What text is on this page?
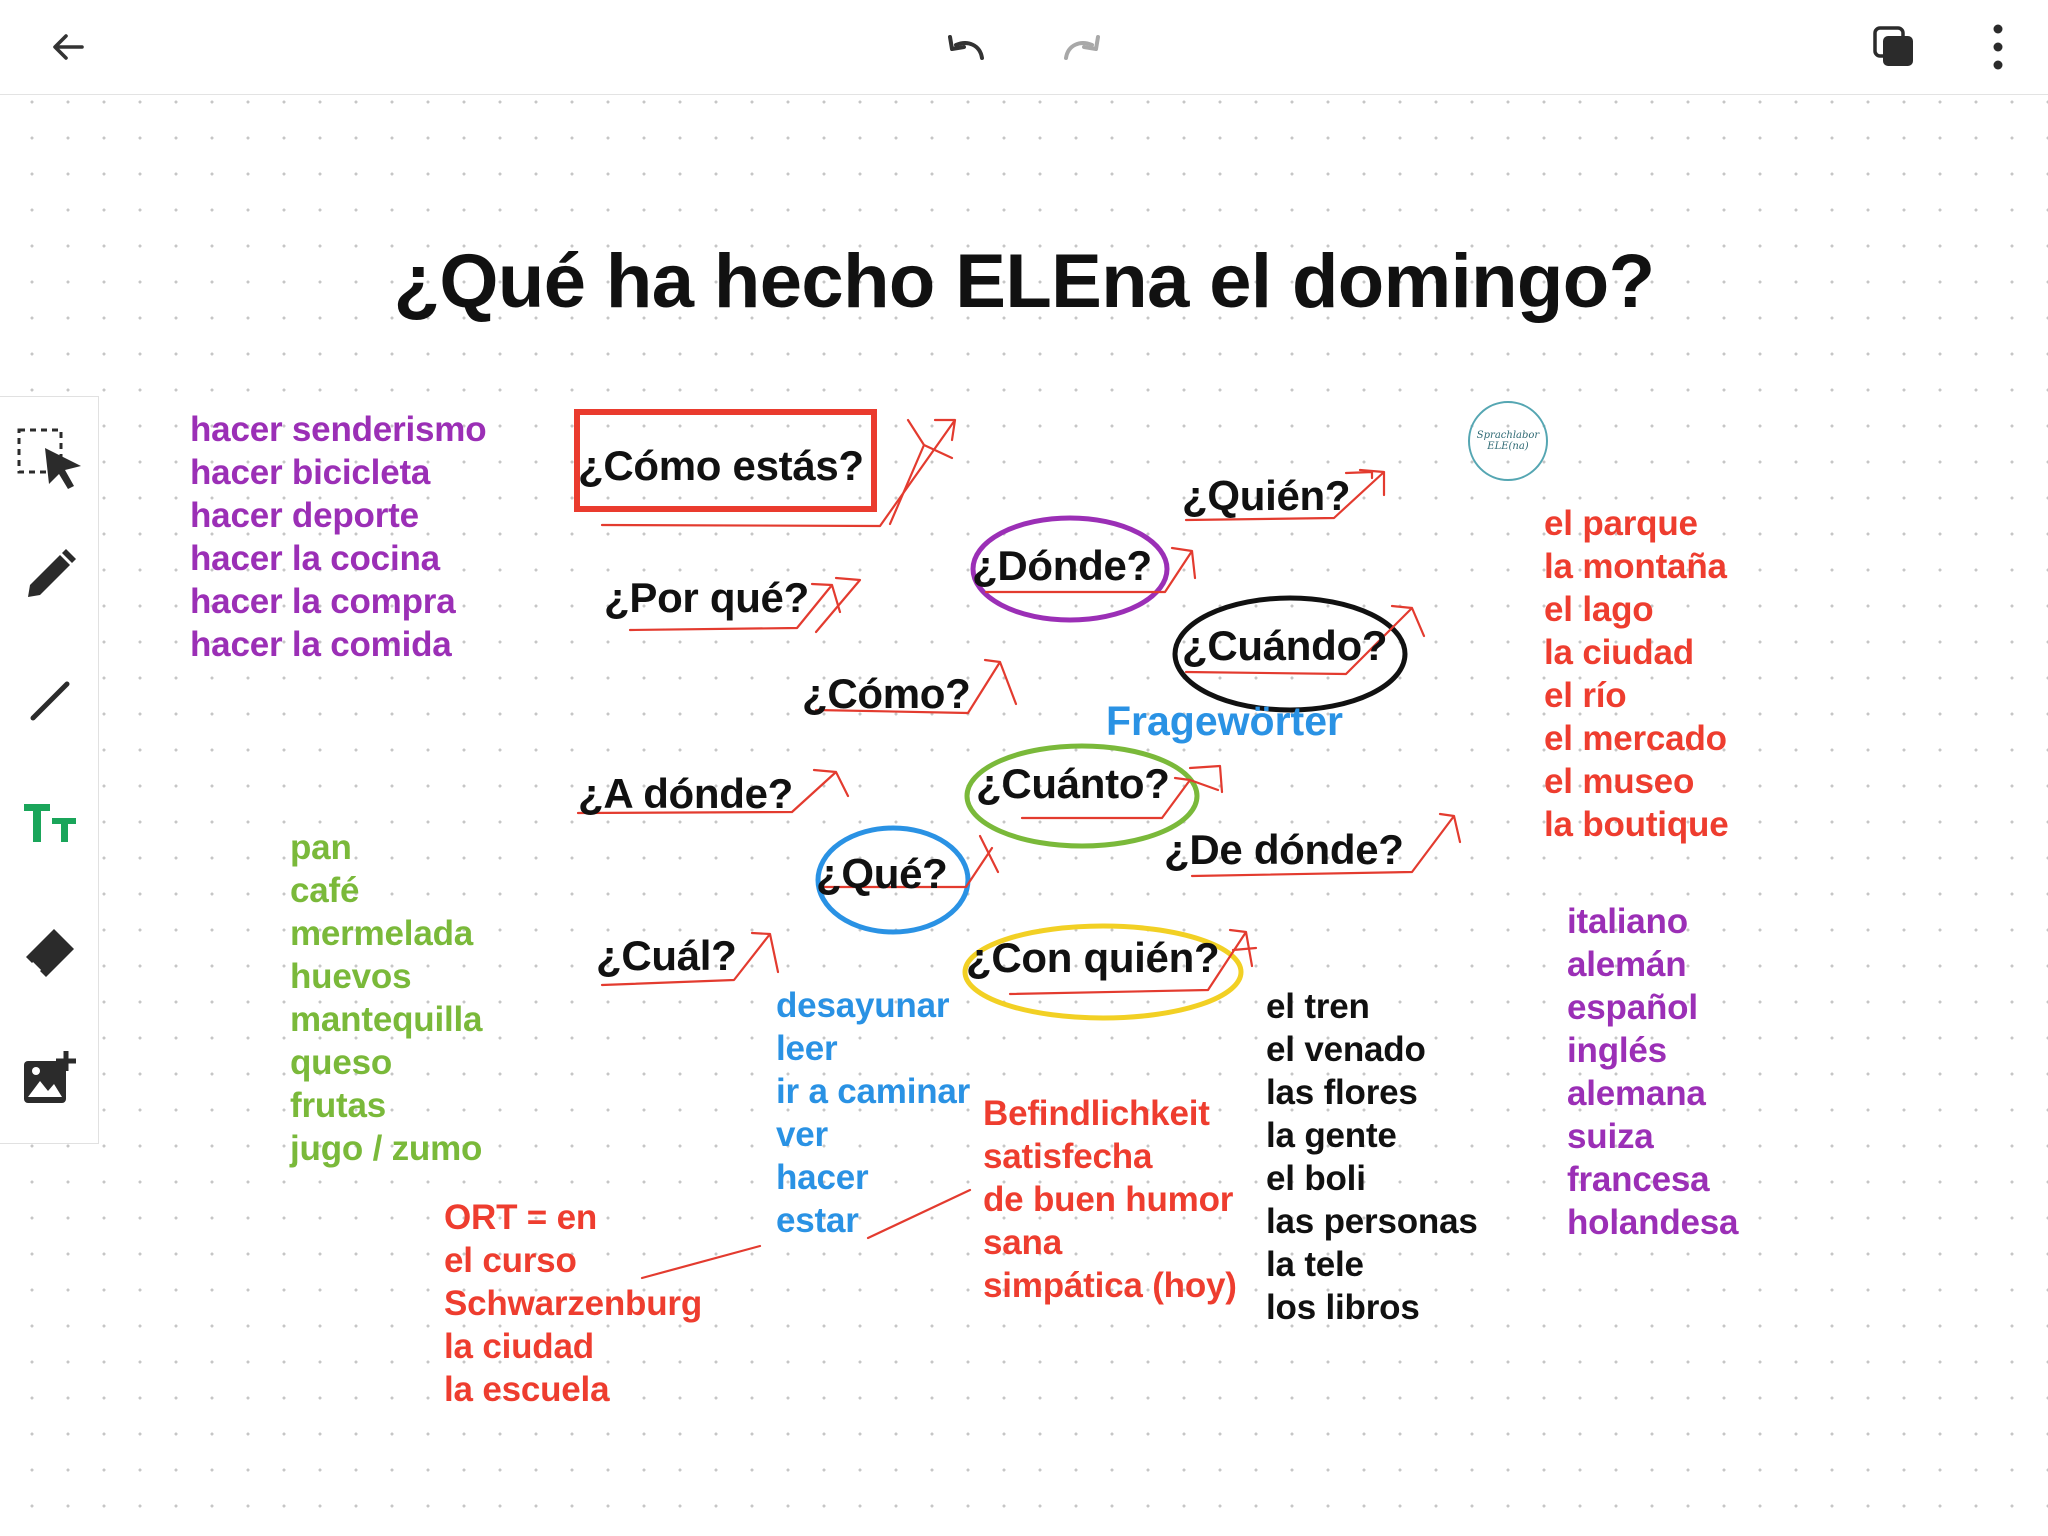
¿Qué ha hecho ELEna el domingo?
¿Cómo estás?
¿Quién?
¿Dónde?
¿Por qué?
¿Cuándo?
¿Cómo?
¿A dónde?	¿Cuánto?
¿De dónde?
¿Qué?
¿Cuál?	¿Con quién?
Fragewörter
Sprachlabor
ELE(na)
hacer senderismo
hacer bicicleta
hacer deporte
hacer la cocina
hacer la compra
hacer la comida
pan
café
mermelada
huevos
mantequilla
queso
frutas
jugo / zumo
el parque
la montaña
el lago
la ciudad
el río
el mercado
el museo
la boutique
italiano
alemán
español
inglés
alemana
suiza
francesa
holandesa
desayunar
leer
ir a caminar
ver
hacer
estar
Befindlichkeit
satisfecha
de buen humor
sana
simpática (hoy)
el tren
el venado
las flores
la gente
el boli
las personas
la tele
los libros
ORT = en
el curso
Schwarzenburg
la ciudad
la escuela
